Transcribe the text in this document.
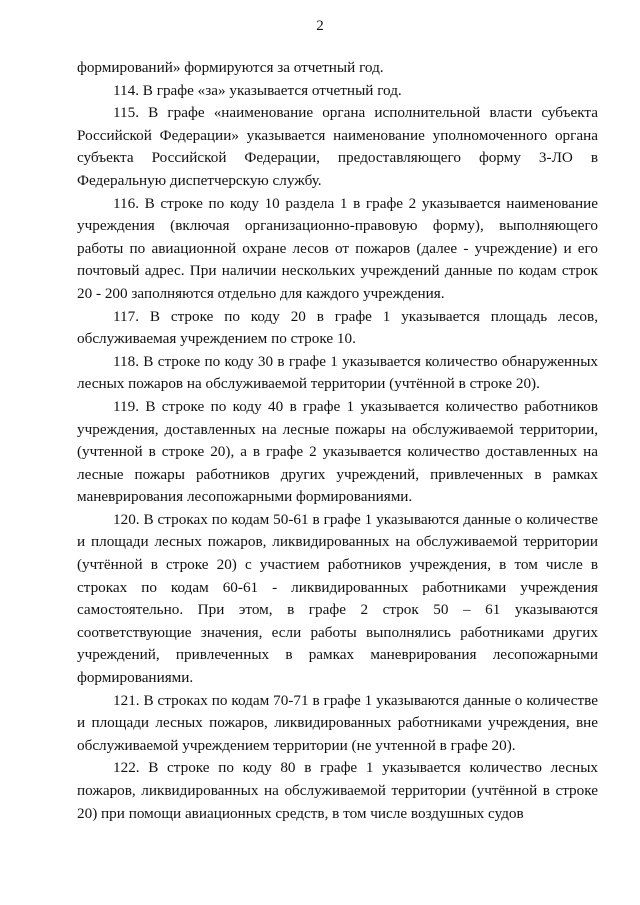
2

формирований» формируются за отчетный год.

114. В графе «за» указывается отчетный год.

115. В графе «наименование органа исполнительной власти субъекта Российской Федерации» указывается наименование уполномоченного органа субъекта Российской Федерации, предоставляющего форму 3-ЛО в Федеральную диспетчерскую службу.

116. В строке по коду 10 раздела 1 в графе 2 указывается наименование учреждения (включая организационно-правовую форму), выполняющего работы по авиационной охране лесов от пожаров (далее - учреждение) и его почтовый адрес. При наличии нескольких учреждений данные по кодам строк 20 - 200 заполняются отдельно для каждого учреждения.

117. В строке по коду 20 в графе 1 указывается площадь лесов, обслуживаемая учреждением по строке 10.

118. В строке по коду 30 в графе 1 указывается количество обнаруженных лесных пожаров на обслуживаемой территории (учтённой в строке 20).

119. В строке по коду 40 в графе 1 указывается количество работников учреждения, доставленных на лесные пожары на обслуживаемой территории, (учтенной в строке 20), а в графе 2 указывается количество доставленных на лесные пожары работников других учреждений, привлеченных в рамках маневрирования лесопожарными формированиями.

120. В строках по кодам 50-61 в графе 1 указываются данные о количестве и площади лесных пожаров, ликвидированных на обслуживаемой территории (учтённой в строке 20) с участием работников учреждения, в том числе в строках по кодам 60-61 - ликвидированных работниками учреждения самостоятельно. При этом, в графе 2 строк 50 – 61 указываются соответствующие значения, если работы выполнялись работниками других учреждений, привлеченных в рамках маневрирования лесопожарными формированиями.

121. В строках по кодам 70-71 в графе 1 указываются данные о количестве и площади лесных пожаров, ликвидированных работниками учреждения, вне обслуживаемой учреждением территории (не учтенной в графе 20).

122. В строке по коду 80 в графе 1 указывается количество лесных пожаров, ликвидированных на обслуживаемой территории (учтённой в строке 20) при помощи авиационных средств, в том числе воздушных судов
